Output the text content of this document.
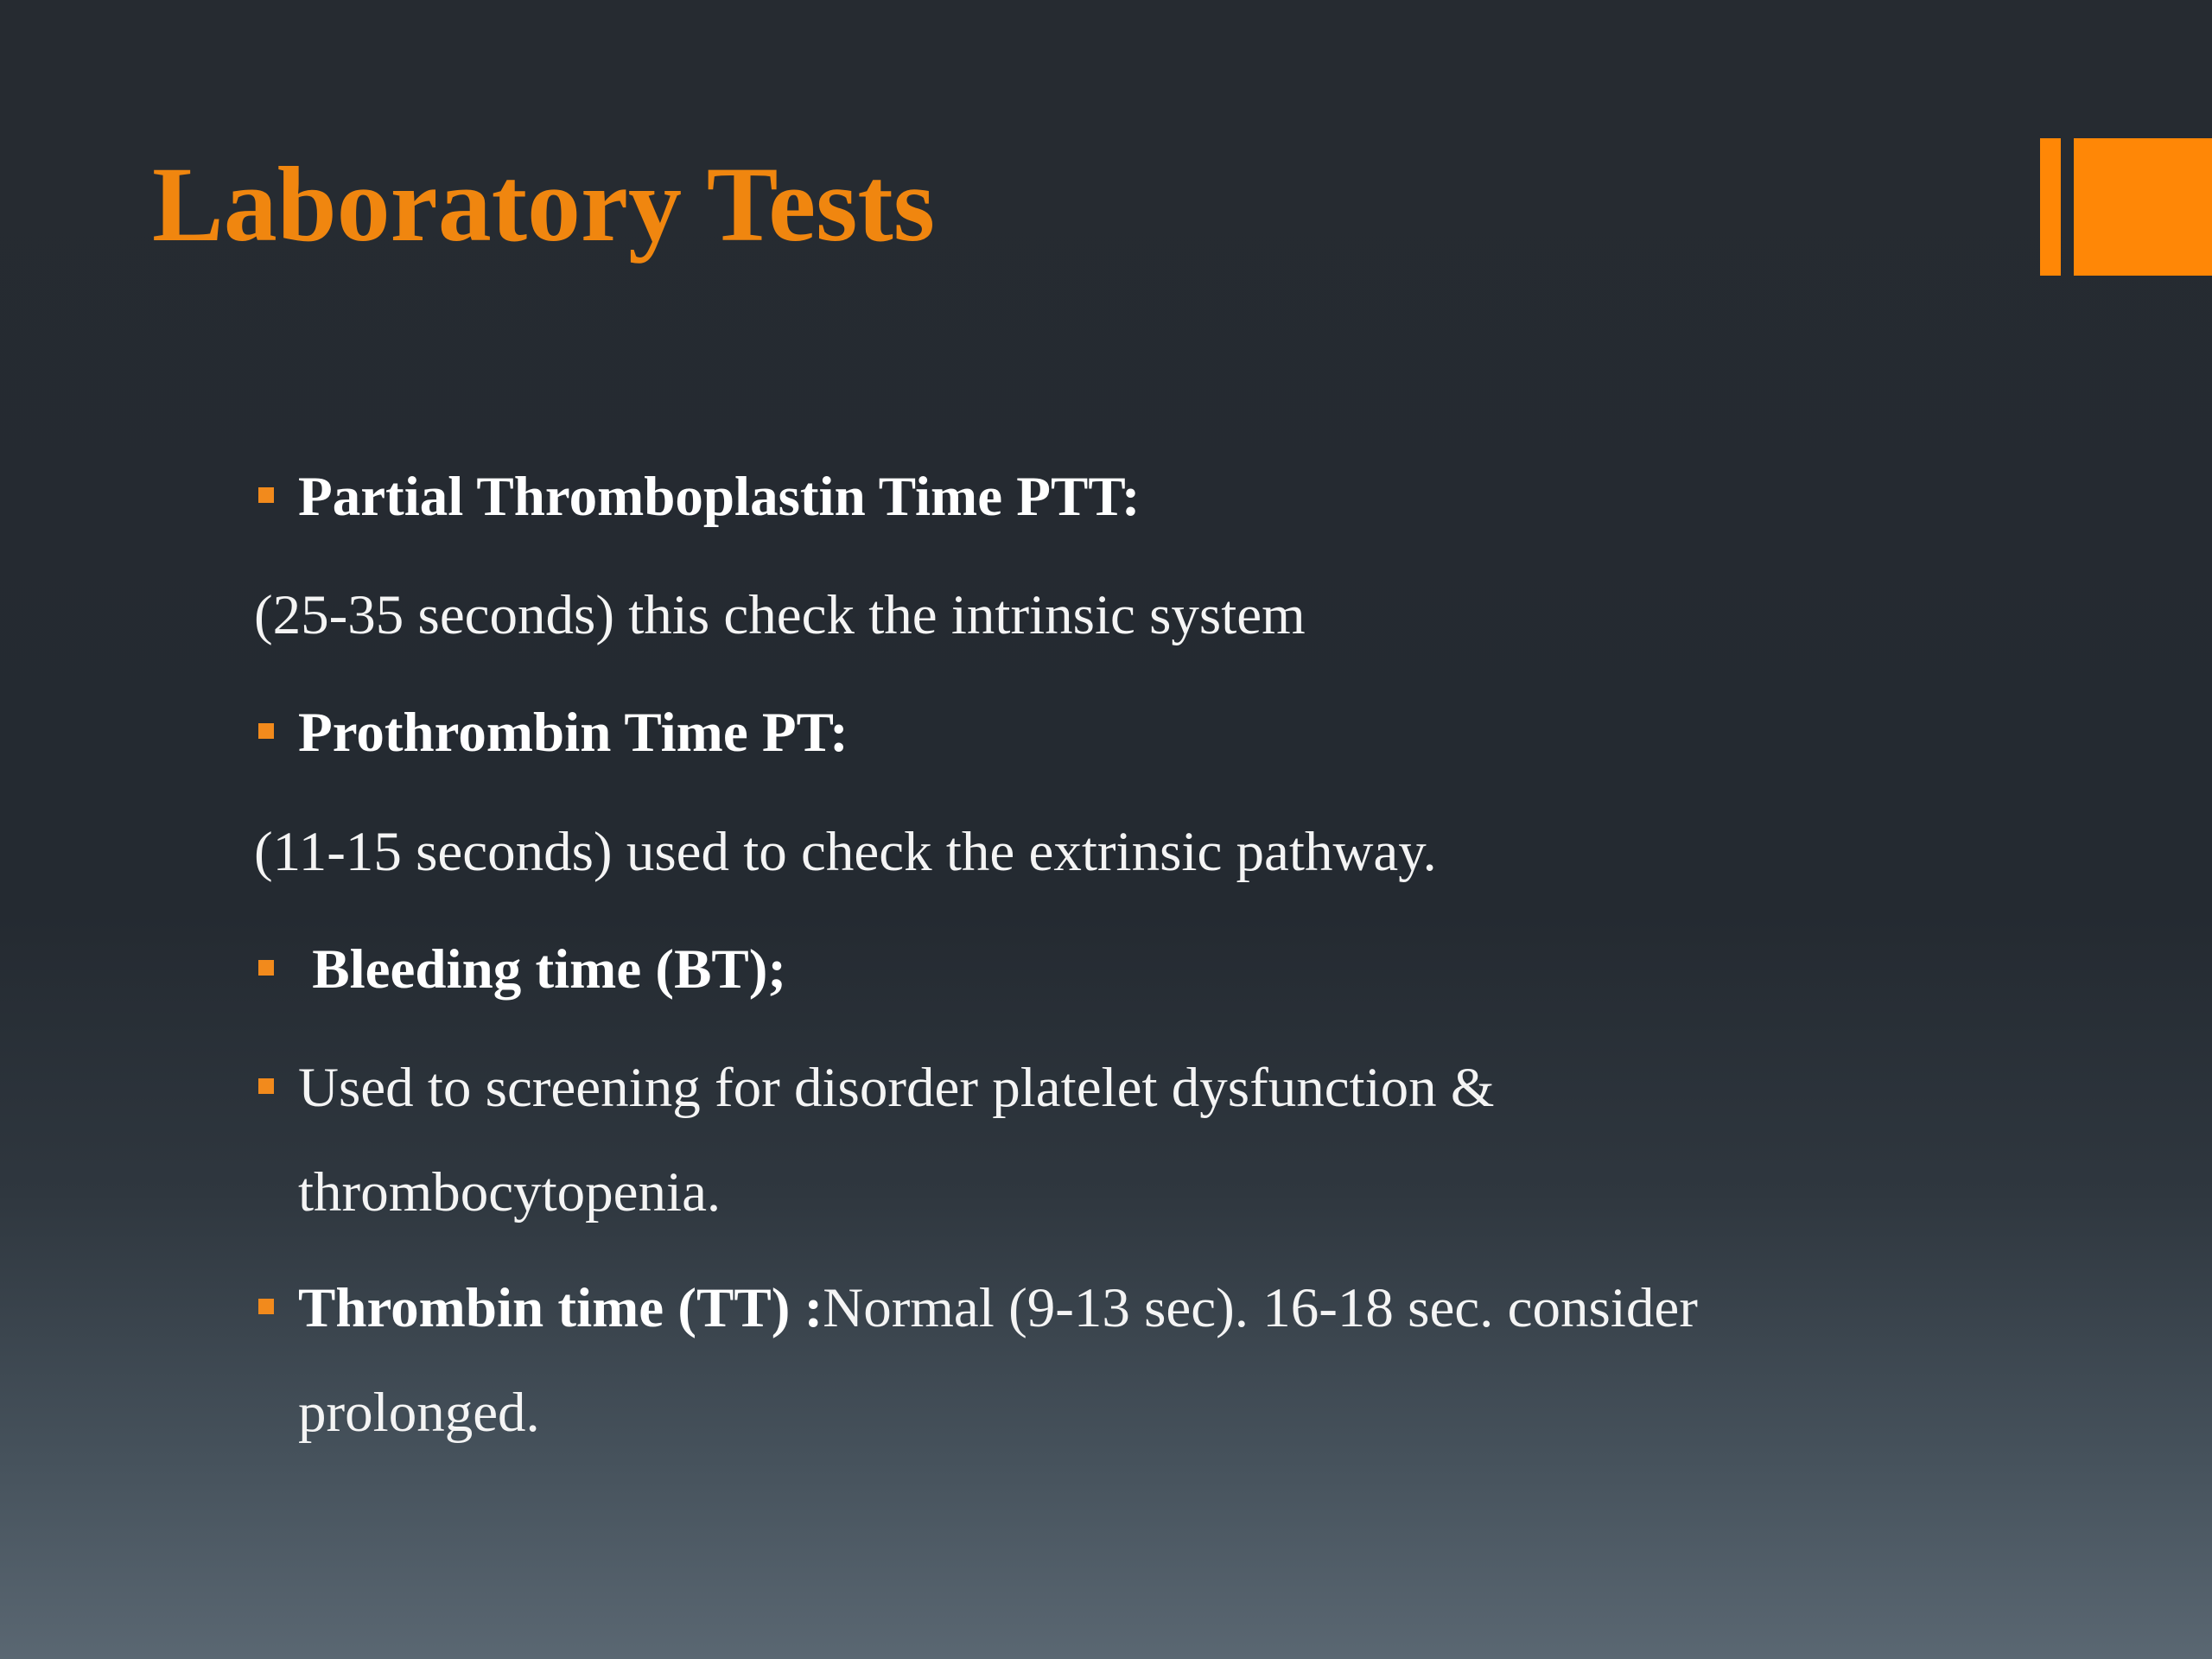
Laboratory Tests
Partial Thromboplastin Time PTT:
(25-35 seconds) this check the intrinsic system
Prothrombin Time PT:
(11-15 seconds) used to check the extrinsic pathway.
Bleeding time (BT);
Used to screening for disorder platelet dysfunction &
thrombocytopenia.
Thrombin time (TT) :Normal (9-13 sec). 16-18 sec. consider
prolonged.
